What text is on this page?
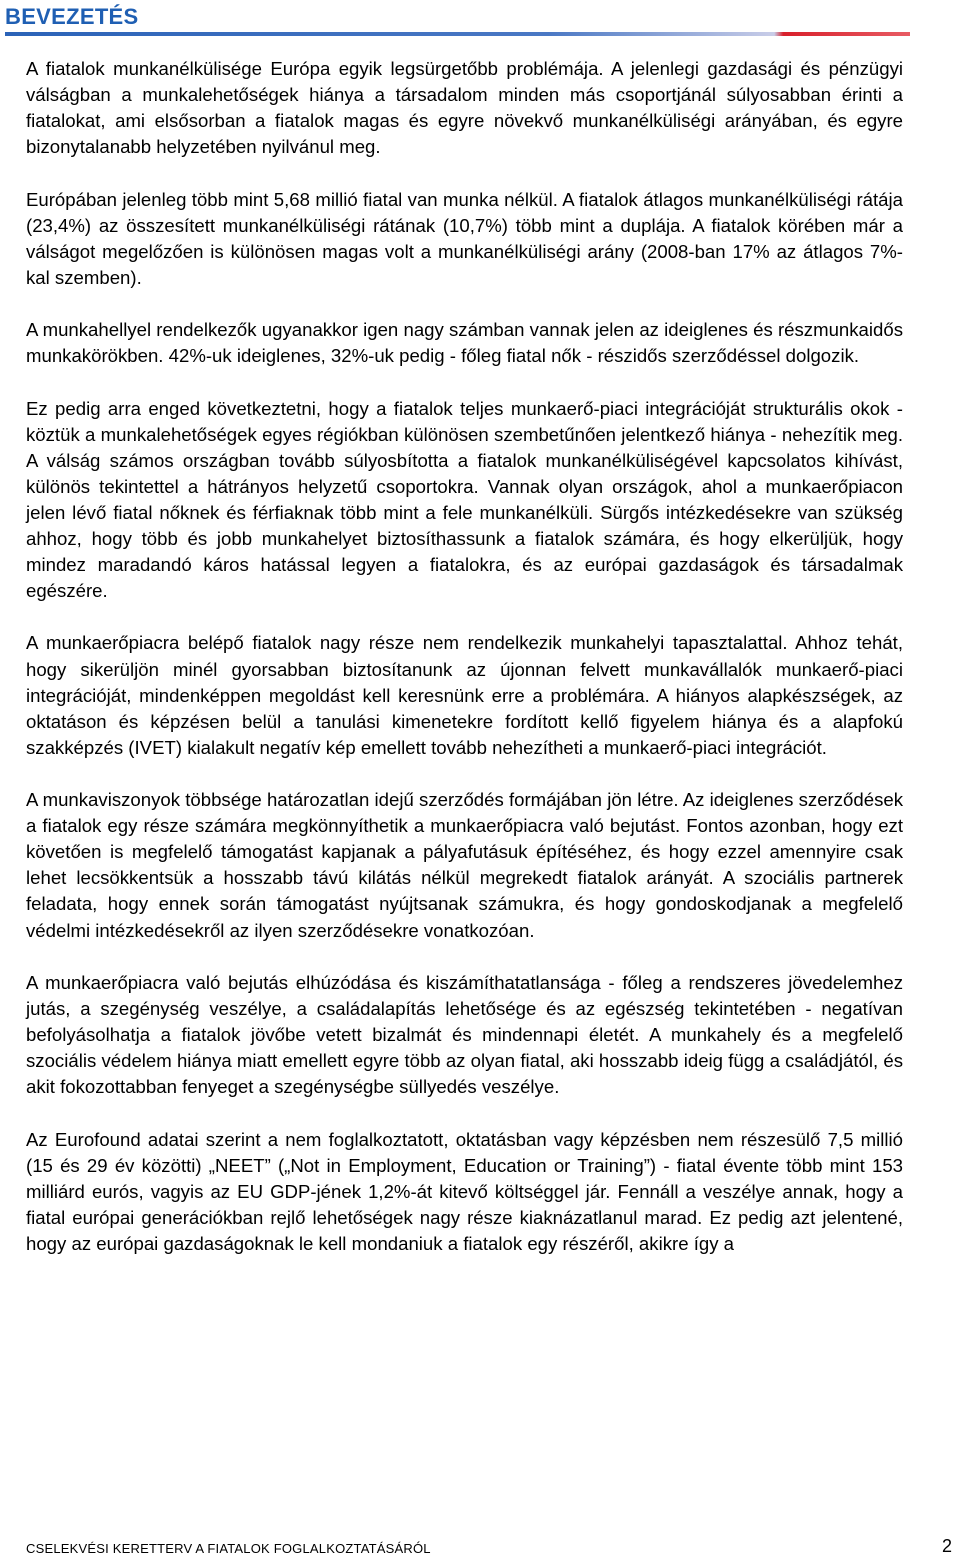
BEVEZETÉS

A fiatalok munkanélkülisége Európa egyik legsürgetőbb problémája. A jelenlegi gazdasági és pénzügyi válságban a munkalehetőségek hiánya a társadalom minden más csoportjánál súlyosabban érinti a fiatalokat, ami elsősorban a fiatalok magas és egyre növekvő munkanélküliségi arányában, és egyre bizonytalanabb helyzetében nyilvánul meg.

Európában jelenleg több mint 5,68 millió fiatal van munka nélkül. A fiatalok átlagos munkanélküliségi rátája (23,4%) az összesített munkanélküliségi rátának (10,7%) több mint a duplája. A fiatalok körében már a válságot megelőzően is különösen magas volt a munkanélküliségi arány (2008-ban 17% az átlagos 7%-kal szemben).

A munkahellyel rendelkezők ugyanakkor igen nagy számban vannak jelen az ideiglenes és részmunkaidős munkakörökben. 42%-uk ideiglenes, 32%-uk pedig - főleg fiatal nők - részidős szerződéssel dolgozik.

Ez pedig arra enged következtetni, hogy a fiatalok teljes munkaerő-piaci integrációját strukturális okok - köztük a munkalehetőségek egyes régiókban különösen szembetűnően jelentkező hiánya - nehezítik meg. A válság számos országban tovább súlyosbította a fiatalok munkanélküliségével kapcsolatos kihívást, különös tekintettel a hátrányos helyzetű csoportokra. Vannak olyan országok, ahol a munkaerőpiacon jelen lévő fiatal nőknek és férfiaknak több mint a fele munkanélküli. Sürgős intézkedésekre van szükség ahhoz, hogy több és jobb munkahelyet biztosíthassunk a fiatalok számára, és hogy elkerüljük, hogy mindez maradandó káros hatással legyen a fiatalokra, és az európai gazdaságok és társadalmak egészére.

A munkaerőpiacra belépő fiatalok nagy része nem rendelkezik munkahelyi tapasztalattal. Ahhoz tehát, hogy sikerüljön minél gyorsabban biztosítanunk az újonnan felvett munkavállalók munkaerő-piaci integrációját, mindenképpen megoldást kell keresnünk erre a problémára. A hiányos alapkészségek, az oktatáson és képzésen belül a tanulási kimenetekre fordított kellő figyelem hiánya és a alapfokú szakképzés (IVET) kialakult negatív kép emellett tovább nehezítheti a munkaerő-piaci integrációt.

A munkaviszonyok többsége határozatlan idejű szerződés formájában jön létre. Az ideiglenes szerződések a fiatalok egy része számára megkönnyíthetik a munkaerőpiacra való bejutást. Fontos azonban, hogy ezt követően is megfelelő támogatást kapjanak a pályafutásuk építéséhez, és hogy ezzel amennyire csak lehet lecsökkentsük a hosszabb távú kilátás nélkül megrekedt fiatalok arányát. A szociális partnerek feladata, hogy ennek során támogatást nyújtsanak számukra, és hogy gondoskodjanak a megfelelő védelmi intézkedésekről az ilyen szerződésekre vonatkozóan.

A munkaerőpiacra való bejutás elhúzódása és kiszámíthatatlansága - főleg a rendszeres jövedelemhez jutás, a szegénység veszélye, a családalapítás lehetősége és az egészség tekintetében - negatívan befolyásolhatja a fiatalok jövőbe vetett bizalmát és mindennapi életét. A munkahely és a megfelelő szociális védelem hiánya miatt emellett egyre több az olyan fiatal, aki hosszabb ideig függ a családjától, és akit fokozottabban fenyeget a szegénységbe süllyedés veszélye.

Az Eurofound adatai szerint a nem foglalkoztatott, oktatásban vagy képzésben nem részesülő 7,5 millió (15 és 29 év közötti) „NEET” („Not in Employment, Education or Training”) - fiatal évente több mint 153 milliárd eurós, vagyis az EU GDP-jének 1,2%-át kitevő költséggel jár. Fennáll a veszélye annak, hogy a fiatal európai generációkban rejlő lehetőségek nagy része kiaknázatlanul marad. Ez pedig azt jelentené, hogy az európai gazdaságoknak le kell mondaniuk a fiatalok egy részéről, akikre így a

CSELEKVÉSI KERETTERV A FIATALOK FOGLALKOZTATÁSÁRÓL	2
